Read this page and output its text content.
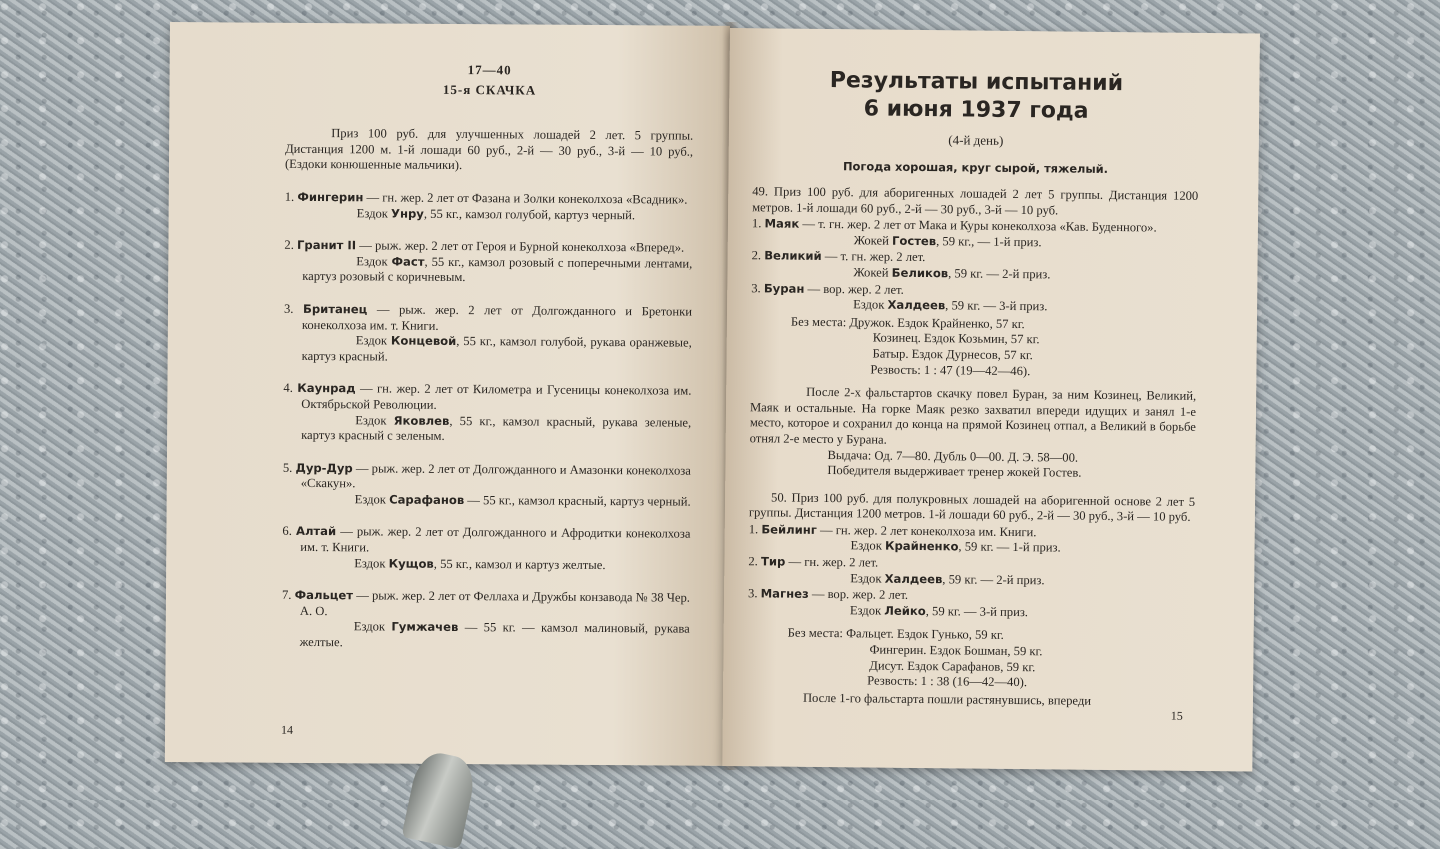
17—40
15-я СКАЧКА

Приз 100 руб. для улучшенных лошадей 2 лет. 5 группы. Дистанция 1200 м. 1-й лошади 60 руб., 2-й — 30 руб., 3-й — 10 руб., (Ездоки конюшенные мальчики).

1. Фингерин — гн. жер. 2 лет от Фазана и Золки конеколхоза «Всадник».
Ездок Унру, 55 кг., камзол голубой, картуз черный.
2. Гранит II — рыж. жер. 2 лет от Героя и Бурной конеколхоза «Вперед».
Ездок Фаст, 55 кг., камзол розовый с поперечными лентами, картуз розовый с коричневым.
3. Британец — рыж. жер. 2 лет от Долгожданного и Бретонки конеколхоза им. т. Книги.
Ездок Концевой, 55 кг., камзол голубой, рукава оранжевые, картуз красный.
4. Каунрад — гн. жер. 2 лет от Километра и Гусеницы конеколхоза им. Октябрьской Революции.
Ездок Яковлев, 55 кг., камзол красный, рукава зеленые, картуз красный с зеленым.
5. Дур-Дур — рыж. жер. 2 лет от Долгожданного и Амазонки конеколхоза «Скакун».
Ездок Сарафанов — 55 кг., камзол красный, картуз черный.
6. Алтай — рыж. жер. 2 лет от Долгожданного и Афродитки конеколхоза им. т. Книги.
Ездок Кущов, 55 кг., камзол и картуз желтые.
7. Фальцет — рыж. жер. 2 лет от Феллаха и Дружбы конзавода № 38 Чер. А. О.
Ездок Гумжачев — 55 кг. — камзол малиновый, рукава желтые.
14
Результаты испытаний
6 июня 1937 года
(4-й день)
Погода хорошая, круг сырой, тяжелый.
49. Приз 100 руб. для аборигенных лошадей 2 лет 5 группы. Дистанция 1200 метров. 1-й лошади 60 руб., 2-й — 30 руб., 3-й — 10 руб.
1. Маяк — т. гн. жер. 2 лет от Мака и Куры конеколхоза «Кав. Буденного».
Жокей Гостев, 59 кг., — 1-й приз.
2. Великий — т. гн. жер. 2 лет.
Жокей Беликов, 59 кг. — 2-й приз.
3. Буран — вор. жер. 2 лет.
Ездок Халдеев, 59 кг. — 3-й приз.
Без места: Дружок. Ездок Крайненко, 57 кг.
Козинец. Ездок Козьмин, 57 кг.
Батыр. Ездок Дурнесов, 57 кг.
Резвость: 1 : 47 (19—42—46).
После 2-х фальстартов скачку повел Буран, за ним Козинец, Великий, Маяк и остальные. На горке Маяк резко захватил впереди идущих и занял 1-е место, которое и сохранил до конца на прямой Козинец отпал, а Великий в борьбе отнял 2-е место у Бурана.
Выдача: Од. 7—80. Дубль 0—00. Д. Э. 58—00.
Победителя выдерживает тренер жокей Гостев.
50. Приз 100 руб. для полукровных лошадей на аборигенной основе 2 лет 5 группы. Дистанция 1200 метров. 1-й лошади 60 руб., 2-й — 30 руб., 3-й — 10 руб.
1. Бейлинг — гн. жер. 2 лет конеколхоза им. Книги.
Ездок Крайненко, 59 кг. — 1-й приз.
2. Тир — гн. жер. 2 лет.
Ездок Халдеев, 59 кг. — 2-й приз.
3. Магнез — вор. жер. 2 лет.
Ездок Лейко, 59 кг. — 3-й приз.
Без места: Фальцет. Ездок Гунько, 59 кг.
Фингерин. Ездок Бошман, 59 кг.
Дисут. Ездок Сарафанов, 59 кг.
Резвость: 1 : 38 (16—42—40).
После 1-го фальстарта пошли растянувшись, впереди
15
